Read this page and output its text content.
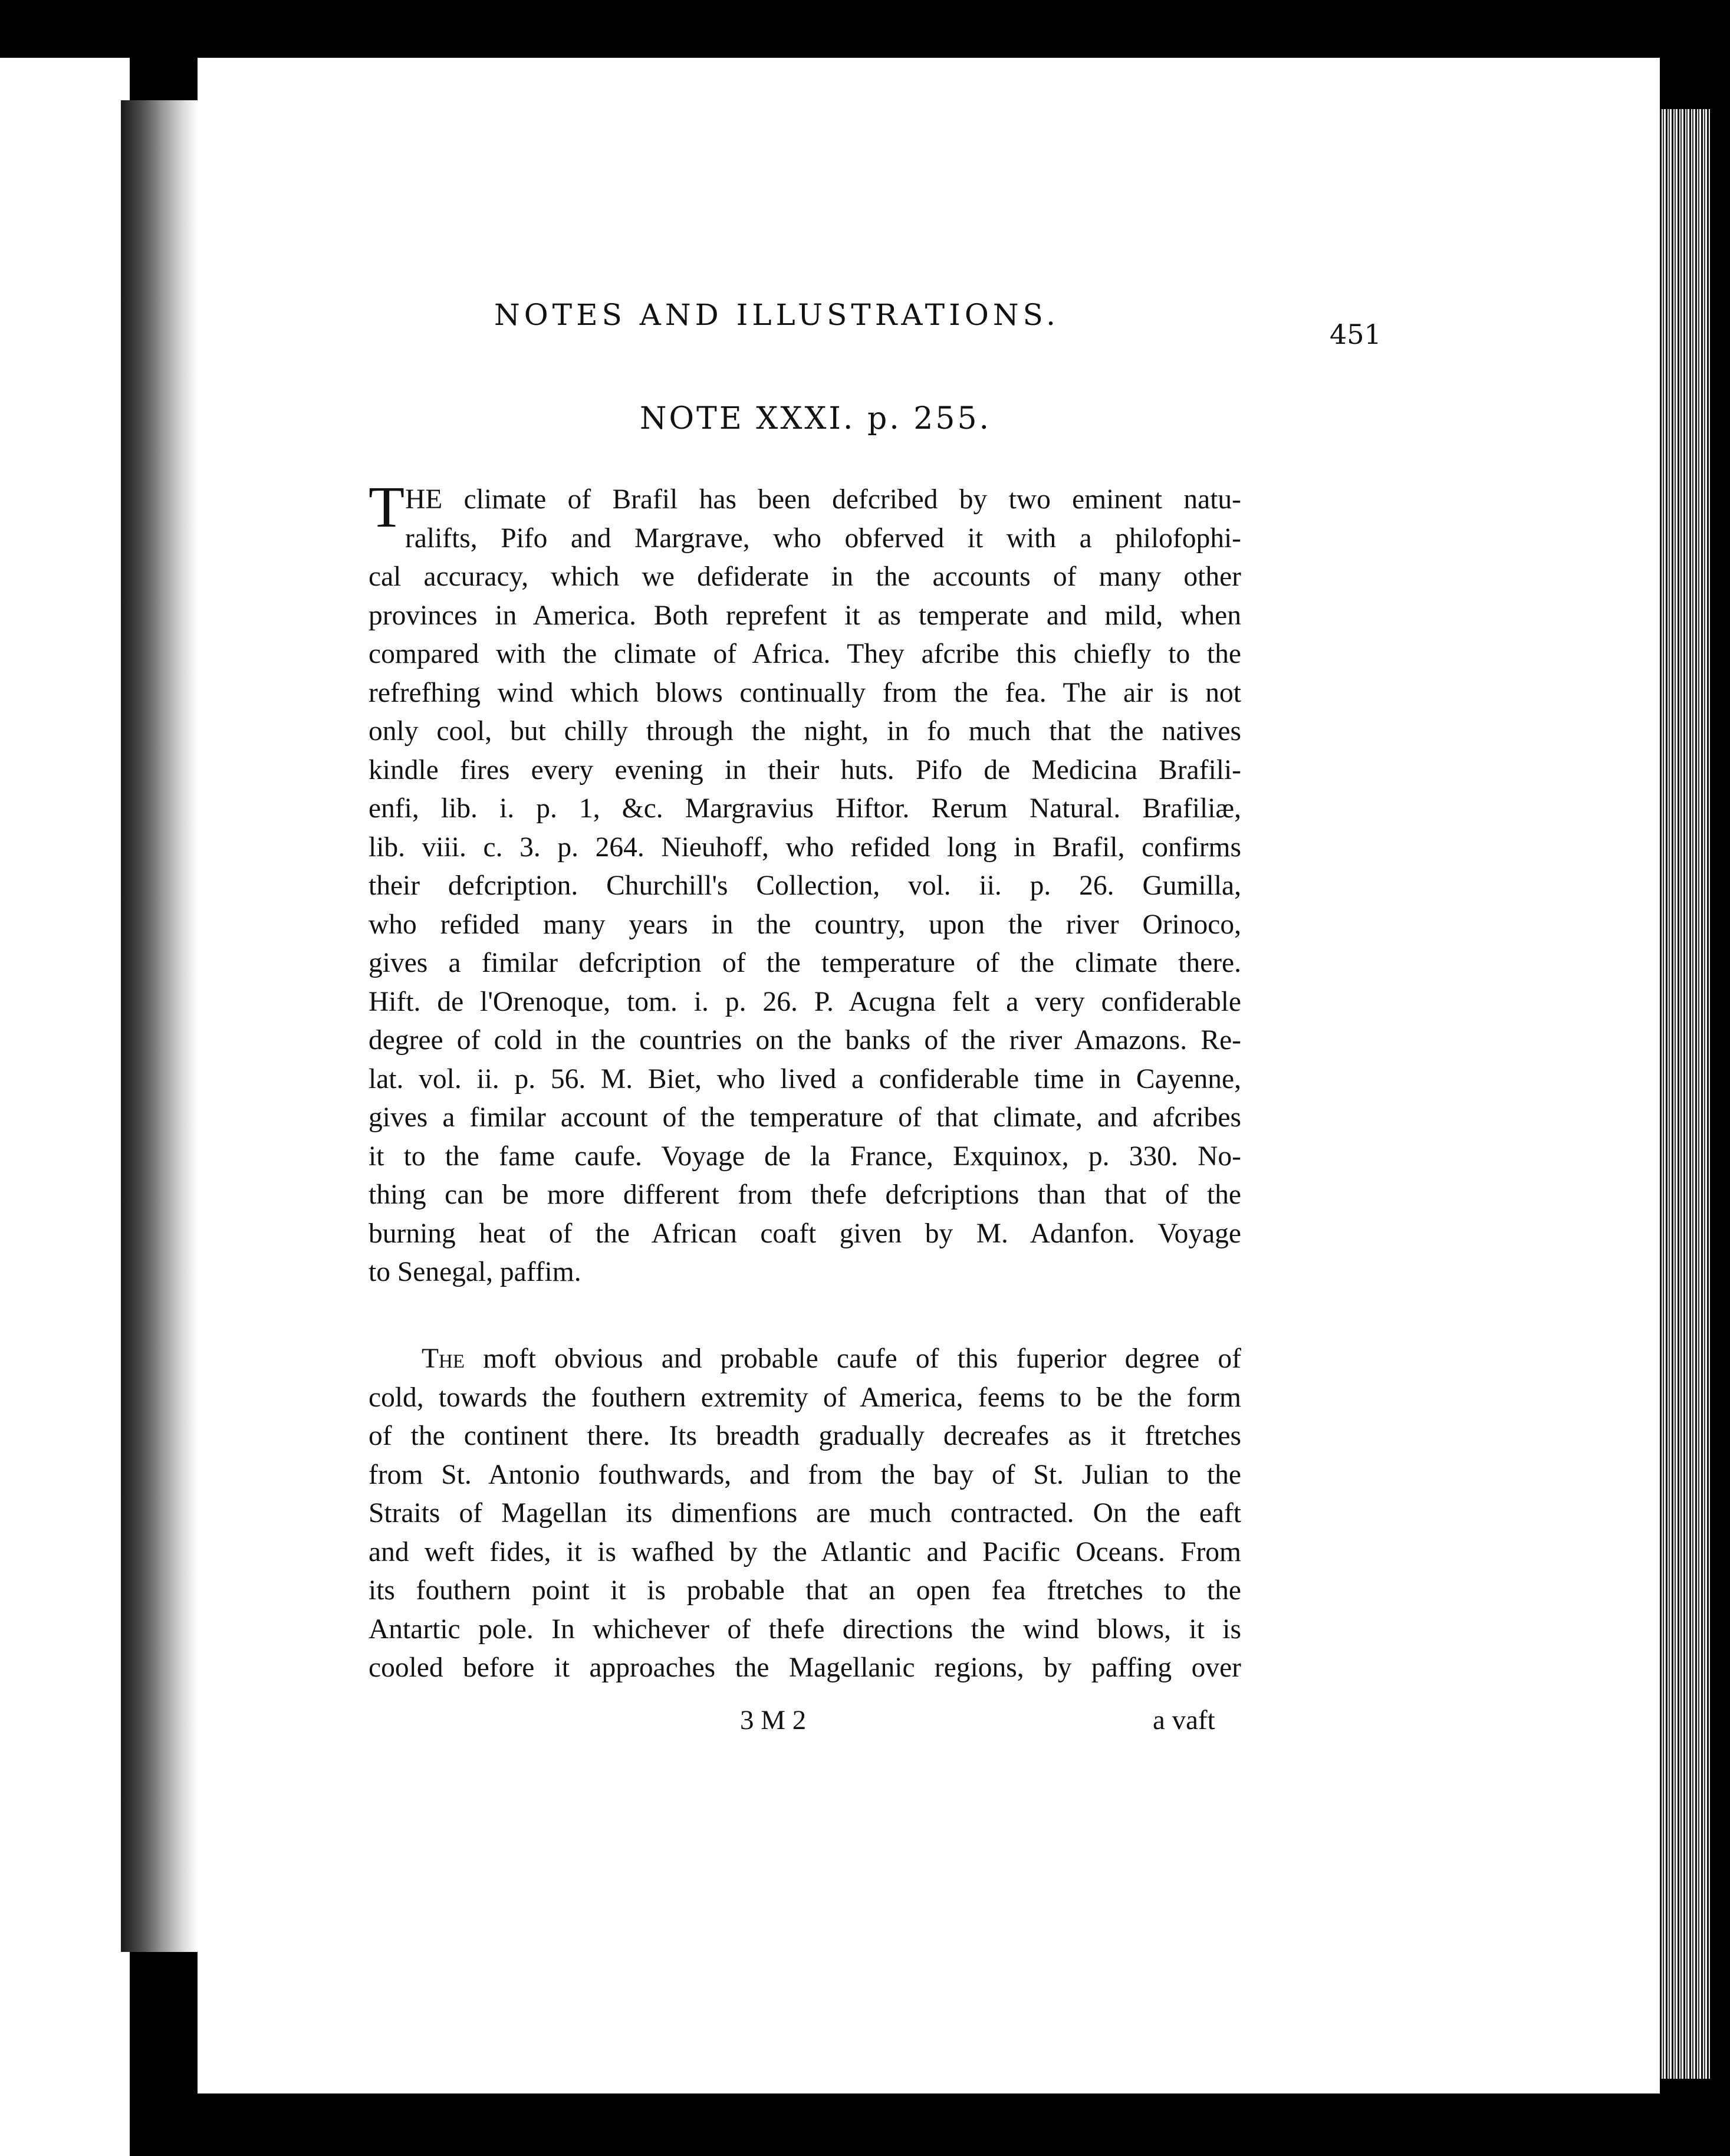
NOTES AND ILLUSTRATIONS.
451
NOTE XXXI. p. 255.
T HE climate of Brafil has been defcribed by two eminent natu-
ralifts, Pifo and Margrave, who obferved it with a philofophi-
cal accuracy, which we defiderate in the accounts of many other
provinces in America. Both reprefent it as temperate and mild, when
compared with the climate of Africa. They afcribe this chiefly to the
refrefhing wind which blows continually from the fea. The air is not
only cool, but chilly through the night, in fo much that the natives
kindle fires every evening in their huts. Pifo de Medicina Brafili-
enfi, lib. i. p. 1, &c. Margravius Hiftor. Rerum Natural. Brafiliæ,
lib. viii. c. 3. p. 264. Nieuhoff, who refided long in Brafil, confirms
their defcription. Churchill's Collection, vol. ii. p. 26. Gumilla,
who refided many years in the country, upon the river Orinoco,
gives a fimilar defcription of the temperature of the climate there.
Hift. de l'Orenoque, tom. i. p. 26. P. Acugna felt a very confiderable
degree of cold in the countries on the banks of the river Amazons. Re-
lat. vol. ii. p. 56. M. Biet, who lived a confiderable time in Cayenne,
gives a fimilar account of the temperature of that climate, and afcribes
it to the fame caufe. Voyage de la France, Exquinox, p. 330. No-
thing can be more different from thefe defcriptions than that of the
burning heat of the African coaft given by M. Adanfon. Voyage
to Senegal, paffim.
The moft obvious and probable caufe of this fuperior degree of
cold, towards the fouthern extremity of America, feems to be the form
of the continent there. Its breadth gradually decreafes as it ftretches
from St. Antonio fouthwards, and from the bay of St. Julian to the
Straits of Magellan its dimenfions are much contracted. On the eaft
and weft fides, it is wafhed by the Atlantic and Pacific Oceans. From
its fouthern point it is probable that an open fea ftretches to the
Antartic pole. In whichever of thefe directions the wind blows, it is
cooled before it approaches the Magellanic regions, by paffing over
3 M 2	a vaft
